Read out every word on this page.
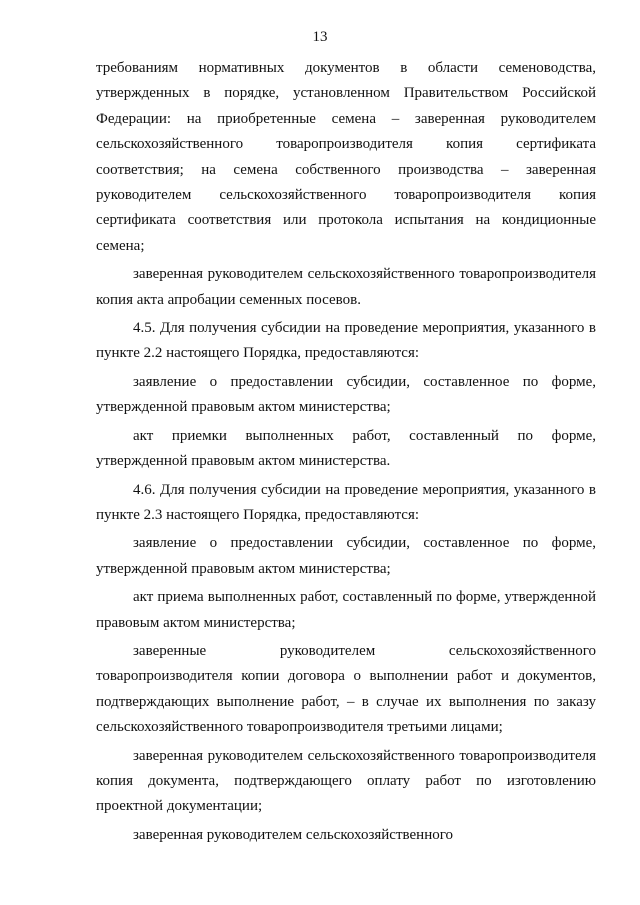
13

требованиям нормативных документов в области семеноводства, утвержденных в порядке, установленном Правительством Российской Федерации: на приобретенные семена – заверенная руководителем сельскохозяйственного товаропроизводителя копия сертификата соответствия; на семена собственного производства – заверенная руководителем сельскохозяйственного товаропроизводителя копия сертификата соответствия или протокола испытания на кондиционные семена;

заверенная руководителем сельскохозяйственного товаропроизводителя копия акта апробации семенных посевов.

4.5. Для получения субсидии на проведение мероприятия, указанного в пункте 2.2 настоящего Порядка, предоставляются:

заявление о предоставлении субсидии, составленное по форме, утвержденной правовым актом министерства;

акт приемки выполненных работ, составленный по форме, утвержденной правовым актом министерства.

4.6. Для получения субсидии на проведение мероприятия, указанного в пункте 2.3 настоящего Порядка, предоставляются:

заявление о предоставлении субсидии, составленное по форме, утвержденной правовым актом министерства;

акт приема выполненных работ, составленный по форме, утвержденной правовым актом министерства;

заверенные руководителем сельскохозяйственного товаропроизводителя копии договора о выполнении работ и документов, подтверждающих выполнение работ, – в случае их выполнения по заказу сельскохозяйственного товаропроизводителя третьими лицами;

заверенная руководителем сельскохозяйственного товаропроизводителя копия документа, подтверждающего оплату работ по изготовлению проектной документации;

заверенная руководителем сельскохозяйственного
